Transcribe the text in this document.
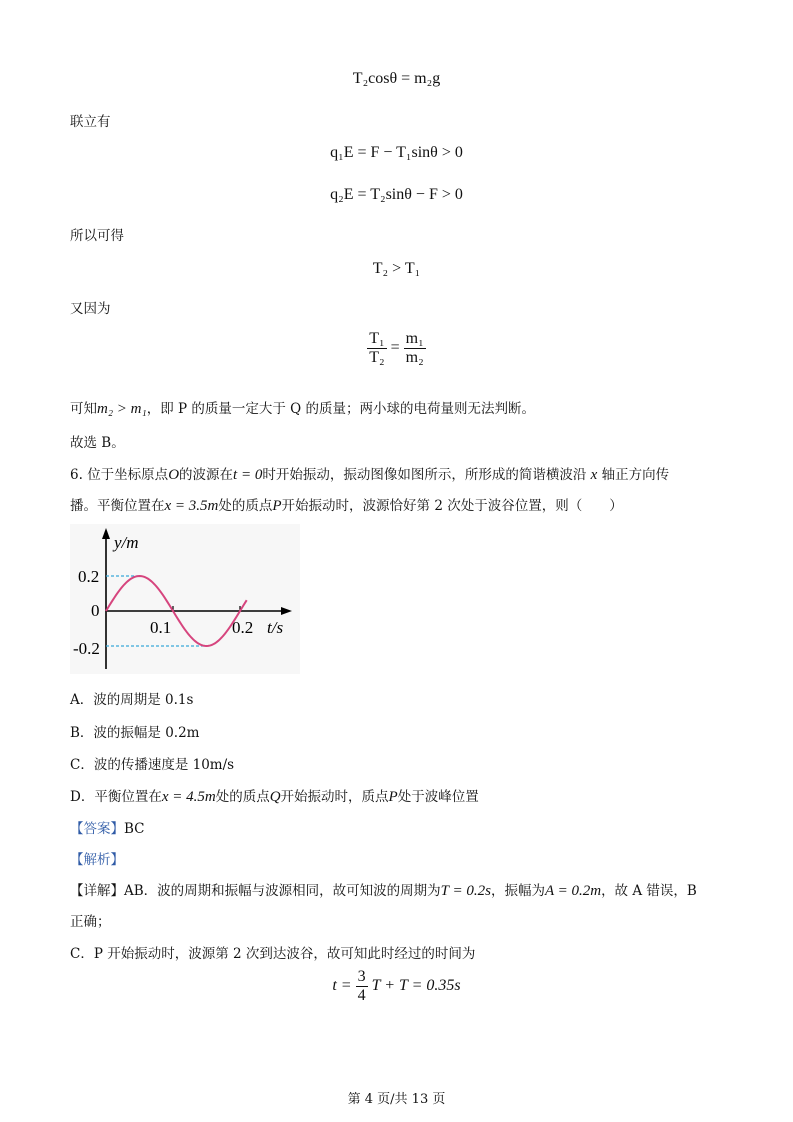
T₂cosθ = m₂g
联立有
q₁E = F − T₁sinθ > 0
q₂E = T₂sinθ − F > 0
所以可得
T₂ > T₁
又因为
$\frac{\text{T₁}}{\text{T₂}} = \frac{\text{m₁}}{\text{m₂}}$
可知m₂ > m₁，即 P 的质量一定大于 Q 的质量；两小球的电荷量则无法判断。
故选 B。
6. 位于坐标原点O的波源在t = 0时开始振动，振动图像如图所示，所形成的简谐横波沿 x 轴正方向传
播。平衡位置在x = 3.5m处的质点P开始振动时，波源恰好第 2 次处于波谷位置，则（　　）
y/m
t/s
0.2
0
-0.2
0.1	0.2
A．波的周期是 0.1s
B．波的振幅是 0.2m
C．波的传播速度是 10m/s
D．平衡位置在x = 4.5m处的质点Q开始振动时，质点P处于波峰位置
【答案】BC
【解析】
【详解】AB．波的周期和振幅与波源相同，故可知波的周期为T = 0.2s，振幅为A = 0.2m，故 A 错误，B
正确；
C．P 开始振动时，波源第 2 次到达波谷，故可知此时经过的时间为
$t = \frac{3}{4}$ T + T = 0.35s
第 4 页/共 13 页
